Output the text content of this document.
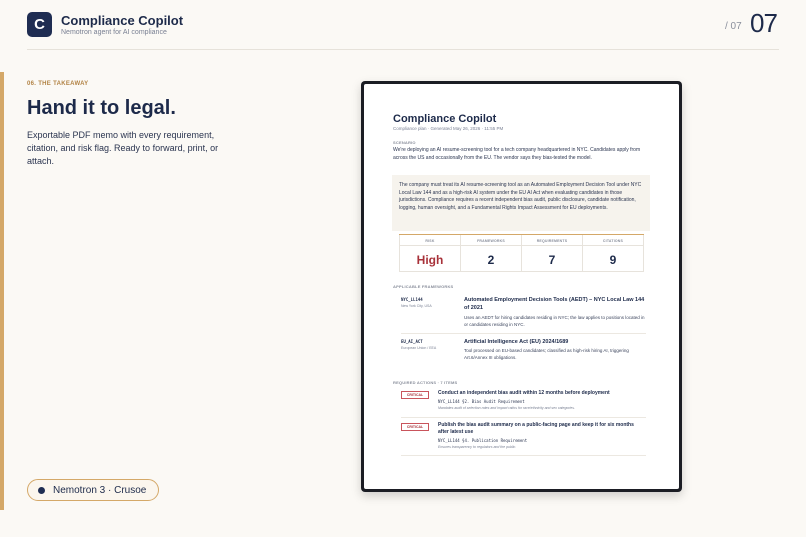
C	Compliance Copilot
Nemotron agent for AI compliance
/ 07 07
06. THE TAKEAWAY
Hand it to legal.
Exportable PDF memo with every requirement, citation, and risk flag. Ready to forward, print, or attach.
Nemotron 3 · Crusoe
Compliance Copilot
Compliance plan · Generated May 26, 2026 · 11:55 PM
SCENARIO
We're deploying an AI resume-screening tool for a tech company headquartered in NYC. Candidates apply from across the US and occasionally from the EU. The vendor says they bias-tested the model.
The company must treat its AI resume‑screening tool as an Automated Employment Decision Tool under NYC Local Law 144 and as a high‑risk AI system under the EU AI Act when evaluating candidates in those jurisdictions. Compliance requires a recent independent bias audit, public disclosure, candidate notification, logging, human oversight, and a Fundamental Rights Impact Assessment for EU deployments.
RISK
High
FRAMEWORKS
2
REQUIREMENTS
7
CITATIONS
9
APPLICABLE FRAMEWORKS
NYC_LL144
New York City, USA
Automated Employment Decision Tools (AEDT) – NYC Local Law 144 of 2021
Uses an AEDT for hiring candidates residing in NYC; the law applies to positions located in or candidates residing in NYC.
EU_AI_ACT
European Union / EEA
Artificial Intelligence Act (EU) 2024/1689
Tool processed on EU‑based candidates; classified as high‑risk hiring AI, triggering Art.6/Annex III obligations.
REQUIRED ACTIONS · 7 ITEMS
CRITICAL	Conduct an independent bias audit within 12 months before deployment
NYC_LL144 §2. Bias Audit Requirement
Mandates audit of selection rates and impact ratios for race/ethnicity and sex categories.
CRITICAL	Publish the bias audit summary on a public‑facing page and keep it for six months after latest use
NYC_LL144 §4. Publication Requirement
Ensures transparency to regulators and the public.
